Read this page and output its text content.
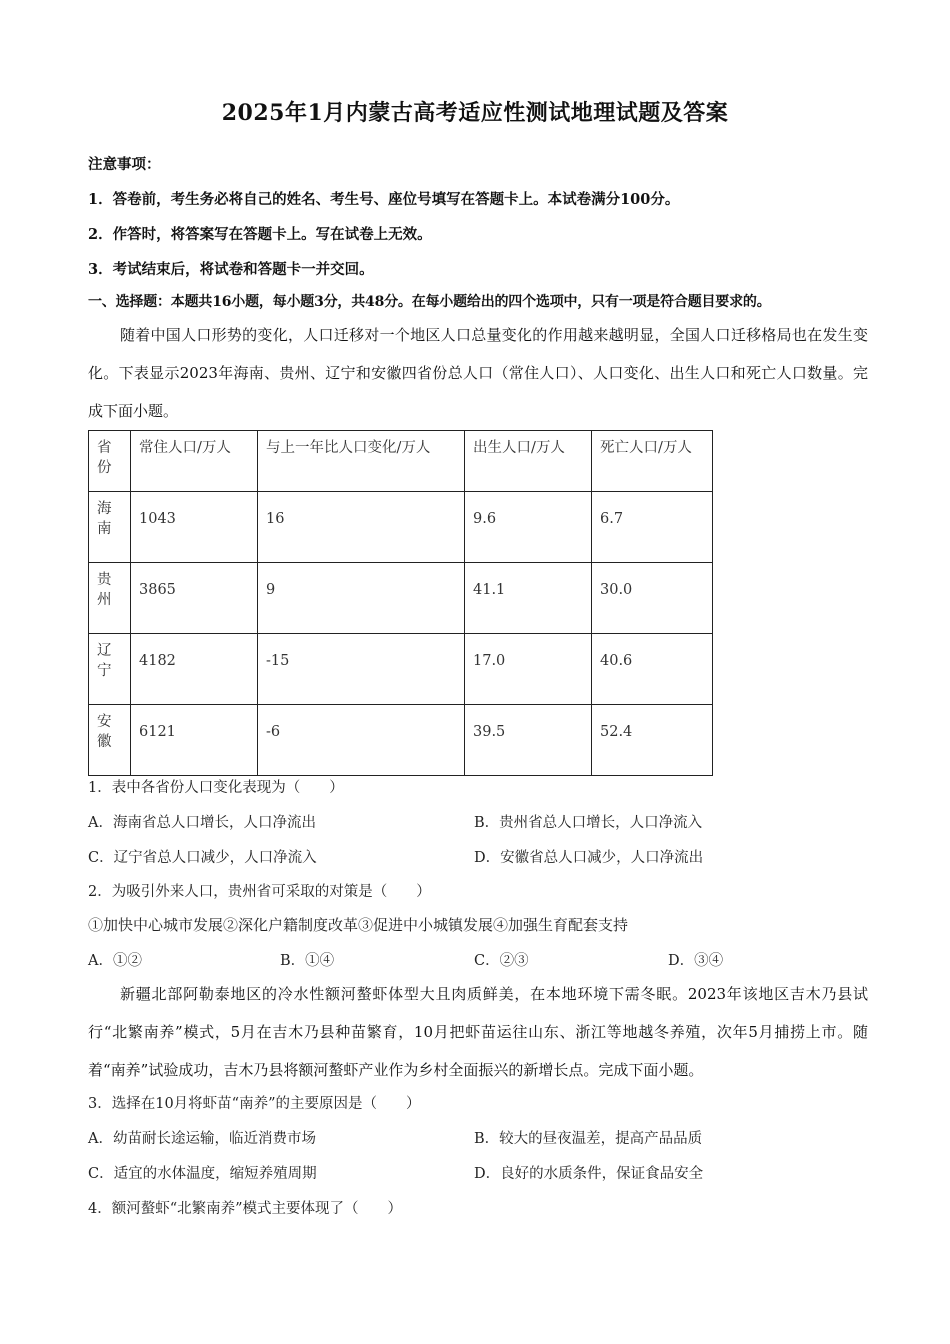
2025年1月内蒙古高考适应性测试地理试题及答案
注意事项：
1．答卷前，考生务必将自己的姓名、考生号、座位号填写在答题卡上。本试卷满分100分。
2．作答时，将答案写在答题卡上。写在试卷上无效。
3．考试结束后，将试卷和答题卡一并交回。
一、选择题：本题共16小题，每小题3分，共48分。在每小题给出的四个选项中，只有一项是符合题目要求的。
随着中国人口形势的变化，人口迁移对一个地区人口总量变化的作用越来越明显，全国人口迁移格局也在发生变化。下表显示2023年海南、贵州、辽宁和安徽四省份总人口（常住人口）、人口变化、出生人口和死亡人口数量。完成下面小题。
省份	常住人口/万人	与上一年比人口变化/万人	出生人口/万人	死亡人口/万人
海南	1043	16	9.6	6.7
贵州	3865	9	41.1	30.0
辽宁	4182	-15	17.0	40.6
安徽	6121	-6	39.5	52.4
1．表中各省份人口变化表现为（　　）
A．海南省总人口增长，人口净流出	B．贵州省总人口增长，人口净流入
C．辽宁省总人口减少，人口净流入	D．安徽省总人口减少，人口净流出
2．为吸引外来人口，贵州省可采取的对策是（　　）
①加快中心城市发展②深化户籍制度改革③促进中小城镇发展④加强生育配套支持
A．①②	B．①④	C．②③	D．③④
新疆北部阿勒泰地区的冷水性额河螯虾体型大且肉质鲜美，在本地环境下需冬眠。2023年该地区吉木乃县试行“北繁南养”模式，5月在吉木乃县种苗繁育，10月把虾苗运往山东、浙江等地越冬养殖，次年5月捕捞上市。随着“南养”试验成功，吉木乃县将额河螯虾产业作为乡村全面振兴的新增长点。完成下面小题。
3．选择在10月将虾苗“南养”的主要原因是（　　）
A．幼苗耐长途运输，临近消费市场	B．较大的昼夜温差，提高产品品质
C．适宜的水体温度，缩短养殖周期	D．良好的水质条件，保证食品安全
4．额河螯虾“北繁南养”模式主要体现了（　　）
